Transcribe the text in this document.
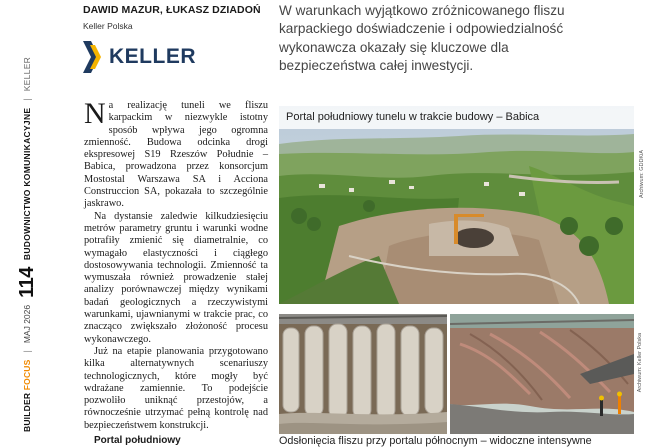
BUILDER FOCUS
|
MAJ 2026
114
BUDOWNICTWO KOMUNIKACYJNE
|
KELLER
DAWID MAZUR, ŁUKASZ DZIADOŃ
Keller Polska
KELLER
W warunkach wyjątkowo zróżnicowanego fliszu karpackiego doświadczenie i odpowiedzialność wykonawcza okazały się kluczowe dla bezpieczeństwa całej inwestycji.

Na realizację tuneli we fliszu karpackim w niezwykle istotny sposób wpływa jego ogromna zmienność. Budowa odcinka drogi ekspresowej S19 Rzeszów Południe – Babica, prowadzona przez konsorcjum Mostostal Warszawa SA i Acciona Construccion SA, pokazała to szczególnie jaskrawo.

Na dystansie zaledwie kilkudziesięciu metrów parametry gruntu i warunki wodne potrafiły zmienić się diametralnie, co wymagało elastyczności i ciągłego dostosowywania technologii. Zmienność ta wymuszała również prowadzenie stałej analizy porównawczej między wynikami badań geologicznych a rzeczywistymi warunkami, ujawnianymi w trakcie prac, co znacząco zwiększało złożoność procesu wykonawczego.

Już na etapie planowania przygotowano kilka alternatywnych scenariuszy technologicznych, które mogły być wdrażane zamiennie. To podejście pozwoliło uniknąć przestojów, a równocześnie utrzymać pełną kontrolę nad bezpieczeństwem konstrukcji.

Portal południowy
Portal południowy tunelu w trakcie budowy – Babica
Archiwum: GDDKiA
Archiwum: Keller Polska
Odsłonięcia fliszu przy portalu północnym – widoczne intensywne
